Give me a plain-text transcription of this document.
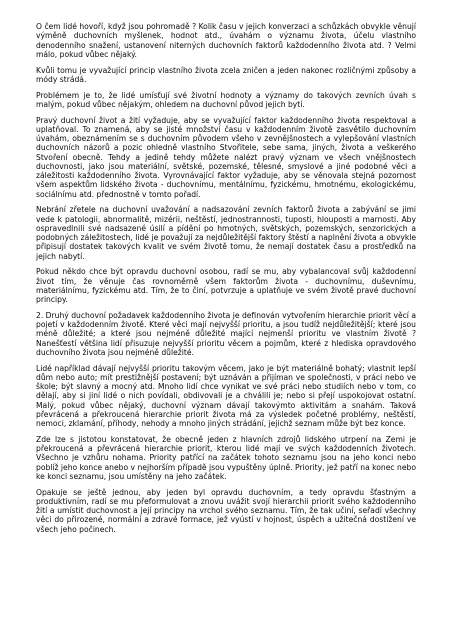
O čem lidé hovoří, když jsou pohromadě ? Kolik času v jejich konverzaci a schůzkách obvykle věnují výměně duchovních myšlenek, hodnot atd., úvahám o významu života, účelu vlastního denodenního snažení, ustanovení niterných duchovních faktorů každodenního života atd. ? Velmi málo, pokud vůbec nějaký.

Kvůli tomu je vyvažující princip vlastního života zcela zničen a jeden nakonec rozličnými způsoby a módy strádá.

Problémem je to, že lidé umísťují své životní hodnoty a významy do takových zevních úvah s malým, pokud vůbec nějakým, ohledem na duchovní původ jejich bytí.

Pravý duchovní život a žití vyžaduje, aby se vyvažující faktor každodenního života respektoval a uplatňoval. To znamená, aby se jisté množství času v každodenním životě zasvětilo duchovním úvahám, obeznámením se s duchovním původem všeho v zevnějšnostech a vylepšování vlastních duchovních názorů a pozic ohledně vlastního Stvořitele, sebe sama, jiných, života a veškerého Stvoření obecně. Tehdy a jedině tehdy můžete nalézt pravý význam ve všech vnějšnostech duchovnosti, jako jsou materiální, světské, pozemské, tělesné, smyslové a jiné podobné věci a záležitosti každodenního života. Vyrovnávající faktor vyžaduje, aby se věnovala stejná pozornost všem aspektům lidského života - duchovnímu, mentálnímu, fyzickému, hmotnému, ekologickému, sociálnímu atd. přednostně v tomto pořadí.

Nebrání zřetele na duchovní uvažování a nadsazování zevních faktorů života a zabývání se jimi vede k patologii, abnormalitě, mizérii, neštěstí, jednostrannosti, tuposti, hlouposti a marnosti. Aby ospravedlnili své nadsazené úsilí a pídění po hmotných, světských, pozemských, senzorických a podobných záležitostech, lidé je považují za nejdůležitější faktory štěstí a naplnění života a obvykle připisují dostatek takových kvalit ve svém životě tomu, že nemají dostatek času a prostředků na jejich nabytí.

Pokud někdo chce být opravdu duchovní osobou, radí se mu, aby vybalancoval svůj každodenní život tím, že věnuje čas rovnoměrně všem faktorům života - duchovnímu, duševnímu, materiálnímu, fyzickému atd. Tím, že to činí, potvrzuje a uplatňuje ve svém životě pravé duchovní principy.

2. Druhý duchovní požadavek každodenního života je definován vytvořením hierarchie priorit věcí a pojetí v každodenním životě. Které věci mají nejvyšší prioritu, a jsou tudíž nejdůležitější; které jsou méně důležité; a které jsou nejméně důležité mající nejmenší prioritu ve vlastním životě ? Nanešťestí většina lidí přisuzuje nejvyšší prioritu věcem a pojmům, které z hlediska opravdového duchovního života jsou nejméně důležité.

Lidé například dávají nejvyšší prioritu takovým věcem, jako je být materiálně bohatý; vlastnit lepší dům nebo auto; mít prestižnější postavení; být uznáván a přijíman ve společnosti, v práci nebo ve škole; být slavný a mocný atd. Mnoho lidí chce vynikat ve své práci nebo studiích nebo v tom, co dělají, aby si jiní lidé o nich povídali, obdivovali je a chválili je; nebo si přejí uspokojovat ostatní. Malý, pokud vůbec nějaký, duchovní význam dávají takovýmto aktivitám a snahám. Taková převrácená a překroucená hierarchie priorit života má za výsledek početné problémy, neštěstí, nemoci, zklamání, příhody, nehody a mnoho jiných strádání, jejichž seznam může být bez konce.

Zde lze s jistotou konstatovat, že obecně jeden z hlavních zdrojů lidského utrpení na Zemi je překroucená a převrácená hierarchie priorit, kterou lidé mají ve svých každodenních životech. Všechno je vzhůru nohama. Priority patřící na začátek tohoto seznamu jsou na jeho konci nebo poblíž jeho konce anebo v nejhorším případě jsou vypuštěny úplně. Priority, jež patří na konec nebo ke konci seznamu, jsou umístěny na jeho začátek.

Opakuje se ještě jednou, aby jeden byl opravdu duchovním, a tedy opravdu šťastným a produktivním, radí se mu přeformulovat a znovu uvážit svojí hierarchii priorit svého každodenního žití a umístit duchovnost a její principy na vrchol svého seznamu. Tím, že tak učiní, seřadí všechny věci do přirozené, normální a zdravé formace, jež vyústí v hojnost, úspěch a užitečná dostižení ve všech jeho počinech.
